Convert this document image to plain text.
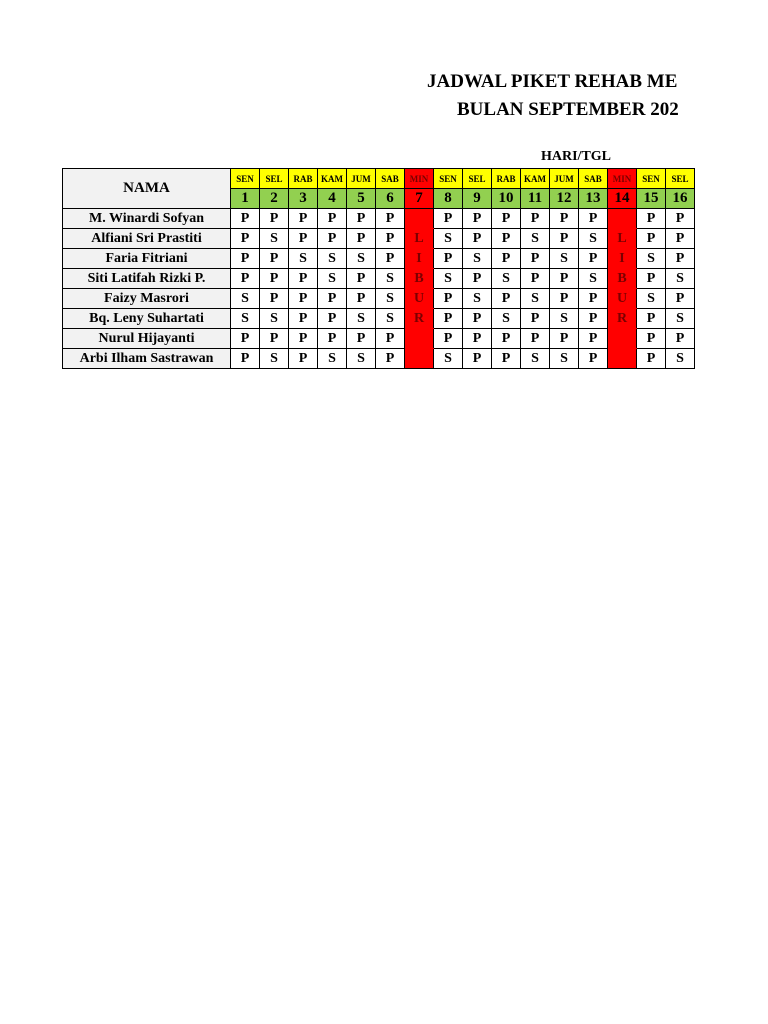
JADWAL PIKET REHAB ME
BULAN SEPTEMBER 202
HARI/TGL
NAMA	SEN	SEL	RAB	KAM	JUM	SAB	MIN	SEN	SEL	RAB	KAM	JUM	SAB	MIN	SEN	SEL
	1	2	3	4	5	6	7	8	9	10	11	12	13	14	15	16
M. Winardi Sofyan	P	P	P	P	P	P		P	P	P	P	P	P		P	P
Alfiani Sri Prastiti	P	S	P	P	P	P	L	S	P	P	S	P	S	L	P	P
Faria Fitriani	P	P	S	S	S	P	I	P	S	P	P	S	P	I	S	P
Siti Latifah Rizki P.	P	P	P	S	P	S	B	S	P	S	P	P	S	B	P	S
Faizy Masrori	S	P	P	P	P	S	U	P	S	P	S	P	P	U	S	P
Bq. Leny Suhartati	S	S	P	P	S	S	R	P	P	S	P	S	P	R	P	S
Nurul Hijayanti	P	P	P	P	P	P		P	P	P	P	P	P		P	P
Arbi Ilham Sastrawan	P	S	P	S	S	P		S	P	P	S	S	P		P	S
